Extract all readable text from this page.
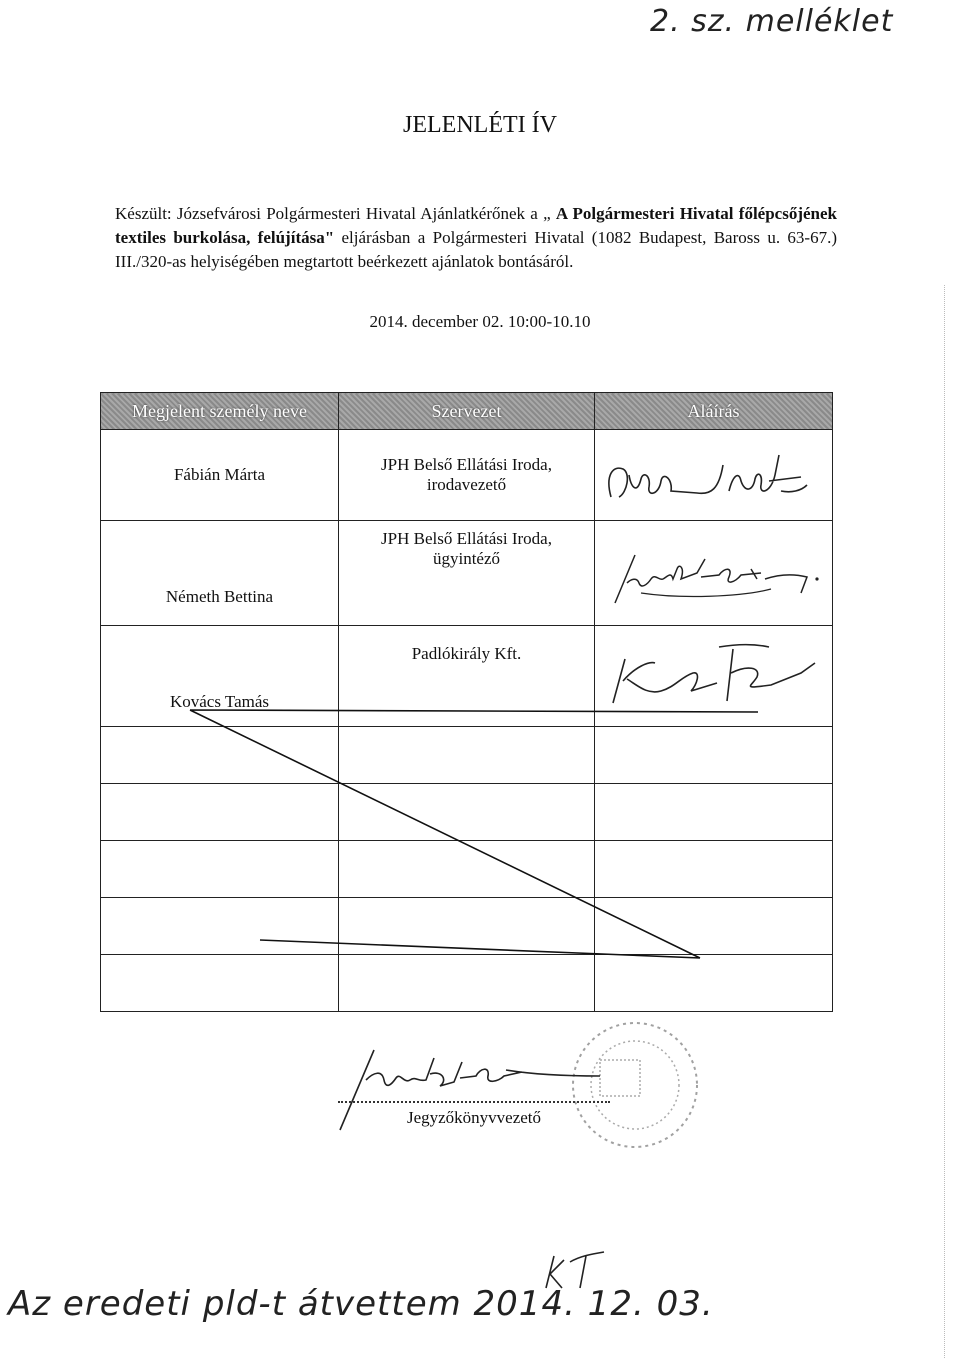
2. sz. melléklet
JELENLÉTI ÍV

Készült: Józsefvárosi Polgármesteri Hivatal Ajánlatkérőnek a „ A Polgármesteri Hivatal főlépcsőjének textiles burkolása, felújítása" eljárásban a Polgármesteri Hivatal (1082 Budapest, Baross u. 63-67.) III./320-as helyiségében megtartott beérkezett ajánlatok bontásáról.

2014. december 02. 10:00-10.10
Megjelent személy neve	Szervezet	Aláírás
Fábián Márta	JPH Belső Ellátási Iroda,
irodavezető

Németh Bettina	JPH Belső Ellátási Iroda,
ügyintéző

Kovács Tamás	Padlókirály Kft.

Jegyzőkönyvvezető
KT
Az eredeti pld-t átvettem 2014. 12. 03.
